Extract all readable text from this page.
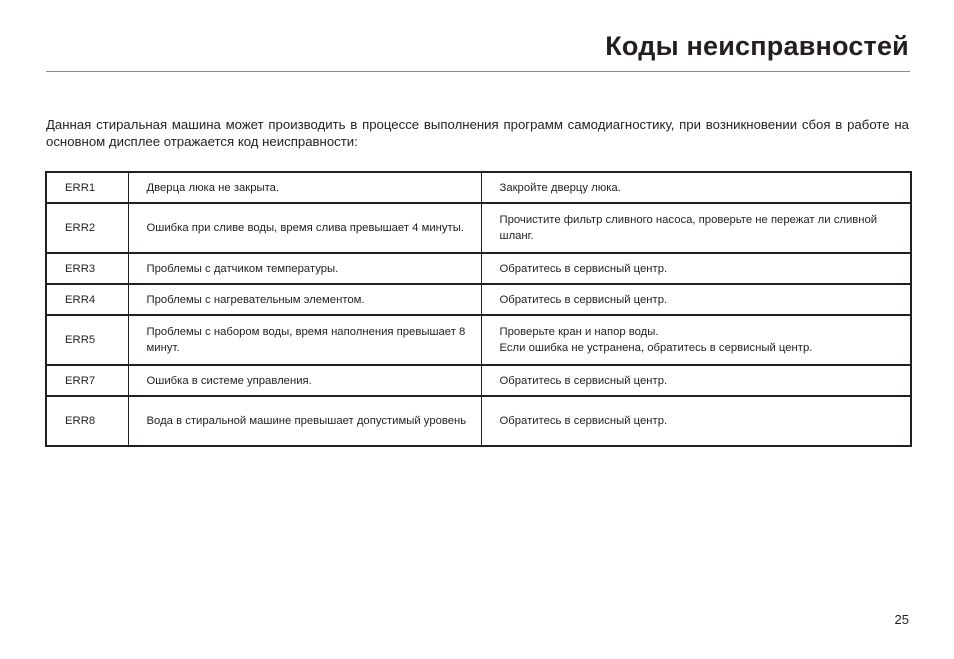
Коды неисправностей

Данная стиральная машина может производить в процессе выполнения программ самодиагностику, при возникновении сбоя в работе на основном дисплее отражается код неисправности:

ERR1	Дверца люка не закрыта.	Закройте дверцу люка.
ERR2	Ошибка при сливе воды, время слива превышает 4 минуты.	Прочистите фильтр сливного насоса, проверьте не пережат ли сливной шланг.
ERR3	Проблемы с датчиком температуры.	Обратитесь в сервисный центр.
ERR4	Проблемы с нагревательным элементом.	Обратитесь в сервисный центр.
ERR5	Проблемы с набором воды, время наполнения превышает 8 минут.	Проверьте кран и напор воды.
Если ошибка не устранена, обратитесь в сервисный центр.

ERR7	Ошибка в системе управления.	Обратитесь в сервисный центр.
ERR8	Вода в стиральной машине превышает допустимый уровень	Обратитесь в сервисный центр.
25
